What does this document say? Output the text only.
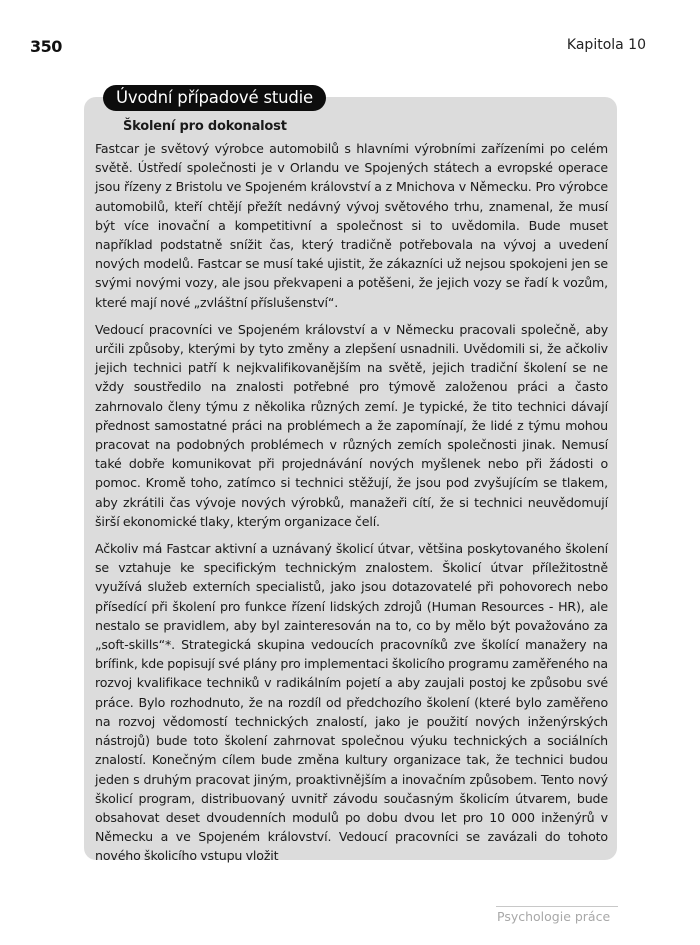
350	Kapitola 10
Úvodní případové studie
Školení pro dokonalost

Fastcar je světový výrobce automobilů s hlavními výrobními zařízeními po celém světě. Ústředí společnosti je v Orlandu ve Spojených státech a evropské operace jsou řízeny z Bristolu ve Spojeném království a z Mnichova v Německu. Pro výrobce automobilů, kteří chtějí přežít nedávný vývoj světového trhu, znamenal, že musí být více inovační a kompetitivní a společnost si to uvědomila. Bude muset například podstatně snížit čas, který tradičně potřebovala na vývoj a uvedení nových modelů. Fastcar se musí také ujistit, že zákazníci už nejsou spokojeni jen se svými novými vozy, ale jsou překvapeni a potěšeni, že jejich vozy se řadí k vozům, které mají nové „zvláštní příslušenství“.

Vedoucí pracovníci ve Spojeném království a v Německu pracovali společně, aby určili způsoby, kterými by tyto změny a zlepšení usnadnili. Uvědomili si, že ačkoliv jejich technici patří k nejkvalifikovanějším na světě, jejich tradiční školení se ne vždy soustředilo na znalosti potřebné pro týmově založenou práci a často zahrnovalo členy týmu z několika různých zemí. Je typické, že tito technici dávají přednost samostatné práci na problémech a že zapomínají, že lidé z týmu mohou pracovat na podobných problémech v různých zemích společnosti jinak. Nemusí také dobře komunikovat při projednávání nových myšlenek nebo při žádosti o pomoc. Kromě toho, zatímco si technici stěžují, že jsou pod zvyšujícím se tlakem, aby zkrátili čas vývoje nových výrobků, manažeři cítí, že si technici neuvědomují širší ekonomické tlaky, kterým organizace čelí.

Ačkoliv má Fastcar aktivní a uznávaný školicí útvar, většina poskytovaného školení se vztahuje ke specifickým technickým znalostem. Školicí útvar příležitostně využívá služeb externích specialistů, jako jsou dotazovatelé při pohovorech nebo přísedící při školení pro funkce řízení lidských zdrojů (Human Resources - HR), ale nestalo se pravidlem, aby byl zainteresován na to, co by mělo být považováno za „soft-skills“*. Strategická skupina vedoucích pracovníků zve školící manažery na brífink, kde popisují své plány pro implementaci školicího programu zaměřeného na rozvoj kvalifikace techniků v radikálním pojetí a aby zaujali postoj ke způsobu své práce. Bylo rozhodnuto, že na rozdíl od předchozího školení (které bylo zaměřeno na rozvoj vědomostí technických znalostí, jako je použití nových inženýrských nástrojů) bude toto školení zahrnovat společnou výuku technických a sociálních znalostí. Konečným cílem bude změna kultury organizace tak, že technici budou jeden s druhým pracovat jiným, proaktivnějším a inovačním způsobem. Tento nový školicí program, distribuovaný uvnitř závodu současným školicím útvarem, bude obsahovat deset dvoudenních modulů po dobu dvou let pro 10 000 inženýrů v Německu a ve Spojeném království. Vedoucí pracovníci se zavázali do tohoto nového školicího vstupu vložit

Psychologie práce
